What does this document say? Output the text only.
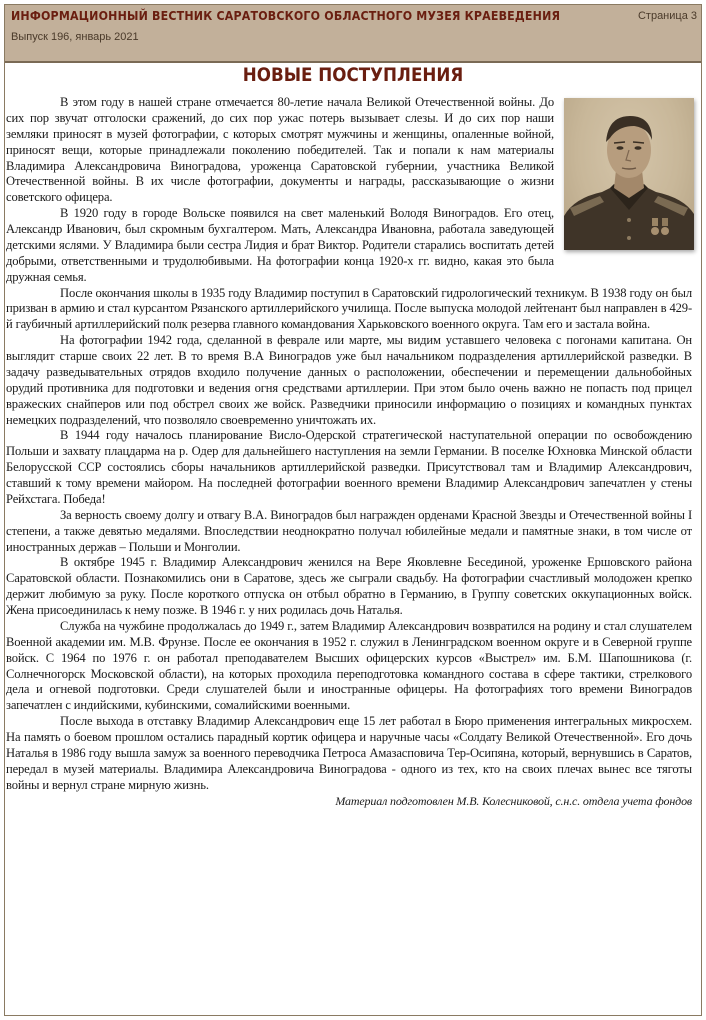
ИНФОРМАЦИОННЫЙ ВЕСТНИК САРАТОВСКОГО ОБЛАСТНОГО МУЗЕЯ КРАЕВЕДЕНИЯ
Выпуск 196, январь 2021
Страница 3
НОВЫЕ ПОСТУПЛЕНИЯ

В этом году в нашей стране отмечается 80-летие начала Великой Отечественной войны. До сих пор звучат отголоски сражений, до сих пор ужас потерь вызывает слезы. И до сих пор наши земляки приносят в музей фотографии, с которых смотрят мужчины и женщины, опаленные войной, приносят вещи, которые принадлежали поколению победителей. Так и попали к нам материалы Владимира Александровича Виноградова, уроженца Саратовской губернии, участника Великой Отечественной войны. В их числе фотографии, документы и награды, рассказывающие о жизни советского офицера.

В 1920 году в городе Вольске появился на свет маленький Володя Виноградов. Его отец, Александр Иванович, был скромным бухгалтером. Мать, Александра Ивановна, работала заведующей детскими яслями. У Владимира были сестра Лидия и брат Виктор. Родители старались воспитать детей добрыми, ответственными и трудолюбивыми. На фотографии конца 1920-х гг. видно, какая это была дружная семья.

После окончания школы в 1935 году Владимир поступил в Саратовский гидрологический техникум. В 1938 году он был призван в армию и стал курсантом Рязанского артиллерийского училища. После выпуска молодой лейтенант был направлен в 429-й гаубичный артиллерийский полк резерва главного командования Харьковского военного округа. Там его и застала война.

На фотографии 1942 года, сделанной в феврале или марте, мы видим уставшего человека с погонами капитана. Он выглядит старше своих 22 лет. В то время В.А Виноградов уже был начальником подразделения артиллерийской разведки. В задачу разведывательных отрядов входило получение данных о расположении, обеспечении и перемещении дальнобойных орудий противника для подготовки и ведения огня средствами артиллерии. При этом было очень важно не попасть под прицел вражеских снайперов или под обстрел своих же войск. Разведчики приносили информацию о позициях и командных пунктах немецких подразделений, что позволяло своевременно уничтожать их.

В 1944 году началось планирование Висло-Одерской стратегической наступательной операции по освобождению Польши и захвату плацдарма на р. Одер для дальнейшего наступления на земли Германии. В поселке Юхновка Минской области Белорусской ССР состоялись сборы начальников артиллерийской разведки. Присутствовал там и Владимир Александрович, ставший к тому времени майором. На последней фотографии военного времени Владимир Александрович запечатлен у стены Рейхстага. Победа!

За верность своему долгу и отвагу В.А. Виноградов был награжден орденами Красной Звезды и Отечественной войны I степени, а также девятью медалями. Впоследствии неоднократно получал юбилейные медали и памятные знаки, в том числе от иностранных держав – Польши и Монголии.

В октябре 1945 г. Владимир Александрович женился на Вере Яковлевне Бесединой, уроженке Ершовского района Саратовской области. Познакомились они в Саратове, здесь же сыграли свадьбу. На фотографии счастливый молодожен крепко держит любимую за руку. После короткого отпуска он отбыл обратно в Германию, в Группу советских оккупационных войск. Жена присоединилась к нему позже. В 1946 г. у них родилась дочь Наталья.

Служба на чужбине продолжалась до 1949 г., затем Владимир Александрович возвратился на родину и стал слушателем Военной академии им. М.В. Фрунзе. После ее окончания в 1952 г. служил в Ленинградском военном округе и в Северной группе войск. С 1964 по 1976 г. он работал преподавателем Высших офицерских курсов «Выстрел» им. Б.М. Шапошникова (г. Солнечногорск Московской области), на которых проходила переподготовка командного состава в сфере тактики, стрелкового дела и огневой подготовки. Среди слушателей были и иностранные офицеры. На фотографиях того времени Виноградов запечатлен с индийскими, кубинскими, сомалийскими военными.

После выхода в отставку Владимир Александрович еще 15 лет работал в Бюро применения интегральных микросхем. На память о боевом прошлом остались парадный кортик офицера и наручные часы «Солдату Великой Отечественной». Его дочь Наталья в 1986 году вышла замуж за военного переводчика Петроса Амазасповича Тер-Осипяна, который, вернувшись в Саратов, передал в музей материалы. Владимира Александровича Виноградова - одного из тех, кто на своих плечах вынес все тяготы войны и вернул стране мирную жизнь.

Материал подготовлен М.В. Колесниковой, с.н.с. отдела учета фондов
